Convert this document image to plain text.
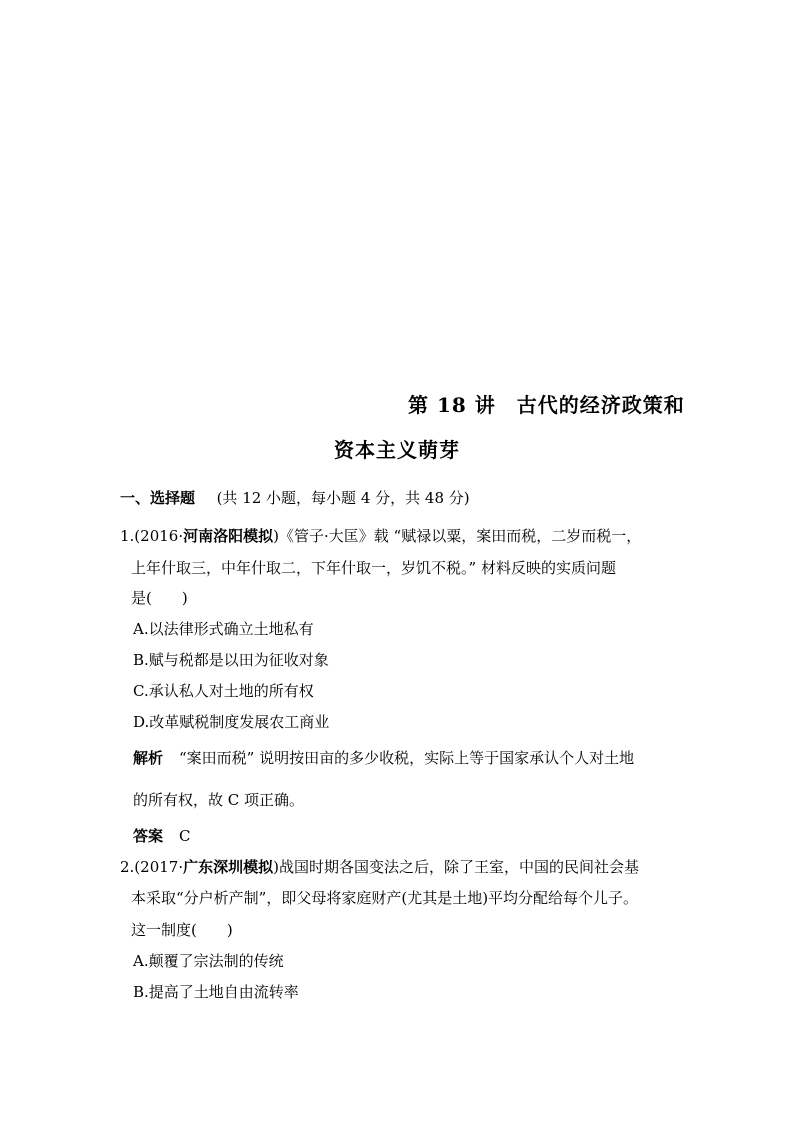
第 18 讲　古代的经济政策和
资本主义萌芽
一、选择题 (共 12 小题，每小题 4 分，共 48 分)
1.(2016·河南洛阳模拟)《管子·大匡》载 “赋禄以粟，案田而税，二岁而税一，
上年什取三，中年什取二，下年什取一，岁饥不税。” 材料反映的实质问题
是(　　)
A.以法律形式确立土地私有
B.赋与税都是以田为征收对象
C.承认私人对土地的所有权
D.改革赋税制度发展农工商业
解析 “案田而税” 说明按田亩的多少收税，实际上等于国家承认个人对土地
的所有权，故 C 项正确。
答案 C
2.(2017·广东深圳模拟)战国时期各国变法之后，除了王室，中国的民间社会基
本采取“分户析产制”，即父母将家庭财产(尤其是土地)平均分配给每个儿子。
这一制度(　　)
A.颠覆了宗法制的传统
B.提高了土地自由流转率
